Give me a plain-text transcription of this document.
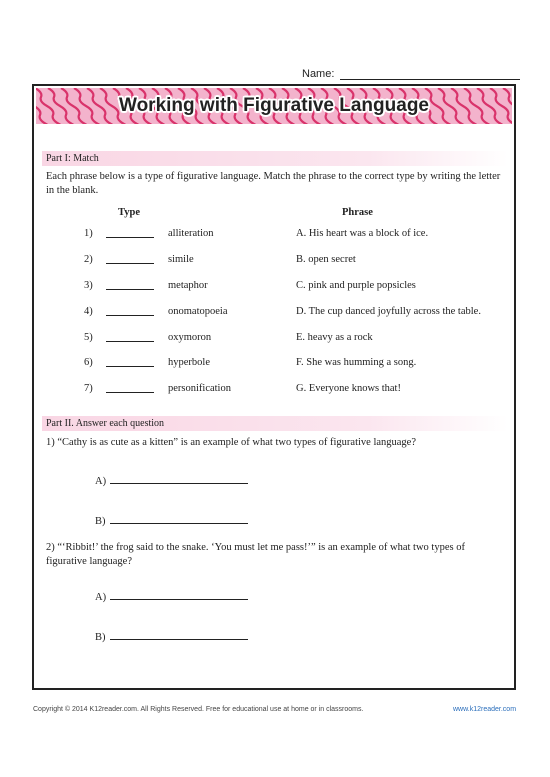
Name:
Working with Figurative Language
Part I: Match
Each phrase below is a type of figurative language. Match the phrase to the correct type by writing the letter in the blank.
Type	Phrase
1)	alliteration	A. His heart was a block of ice.
2)	simile	B. open secret
3)	metaphor	C. pink and purple popsicles
4)	onomatopoeia	D. The cup danced joyfully across the table.
5)	oxymoron	E. heavy as a rock
6)	hyperbole	F. She was humming a song.
7)	personification	G. Everyone knows that!
Part II. Answer each question
1) “Cathy is as cute as a kitten” is an example of what two types of figurative language?
A)
B)
2) “‘Ribbit!’ the frog said to the snake. ‘You must let me pass!’” is an example of what two types of figurative language?
A)
B)
Copyright © 2014 K12reader.com. All Rights Reserved. Free for educational use at home or in classrooms.	www.k12reader.com
